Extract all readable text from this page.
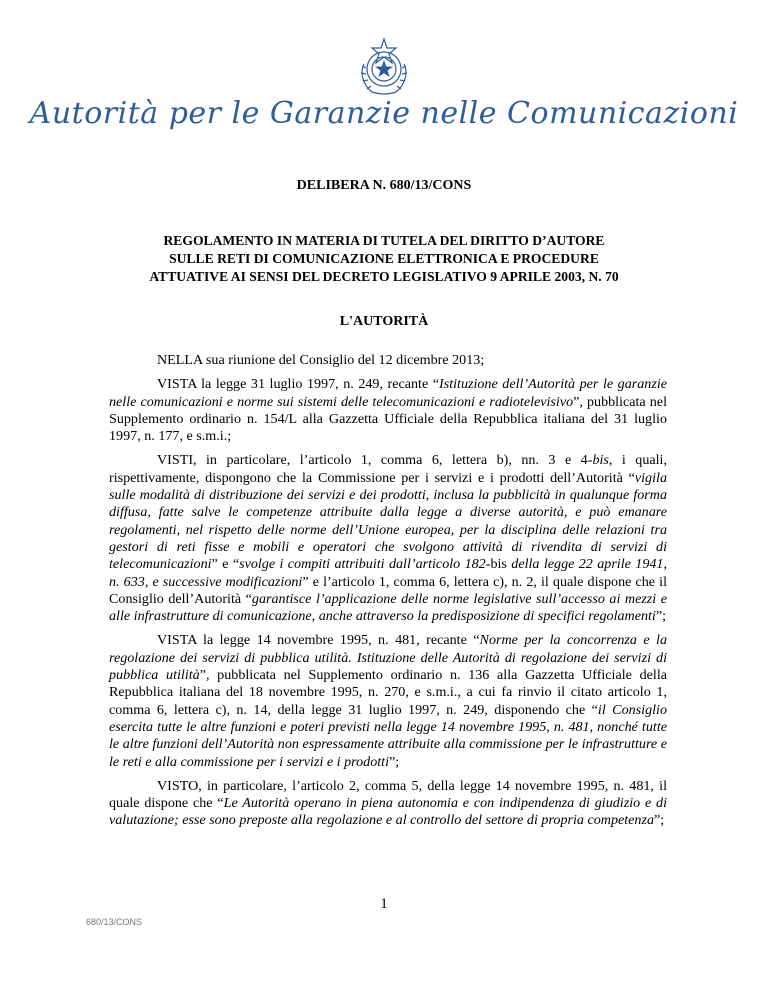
Autorità per le Garanzie nelle Comunicazioni
DELIBERA N. 680/13/CONS
REGOLAMENTO IN MATERIA DI TUTELA DEL DIRITTO D’AUTORE
SULLE RETI DI COMUNICAZIONE ELETTRONICA E PROCEDURE
ATTUATIVE AI SENSI DEL DECRETO LEGISLATIVO 9 APRILE 2003, N. 70
L'AUTORITÀ

NELLA sua riunione del Consiglio del 12 dicembre 2013;

VISTA la legge 31 luglio 1997, n. 249, recante “Istituzione dell’Autorità per le garanzie nelle comunicazioni e norme sui sistemi delle telecomunicazioni e radiotelevisivo”, pubblicata nel Supplemento ordinario n. 154/L alla Gazzetta Ufficiale della Repubblica italiana del 31 luglio 1997, n. 177, e s.m.i.;

VISTI, in particolare, l’articolo 1, comma 6, lettera b), nn. 3 e 4-bis, i quali, rispettivamente, dispongono che la Commissione per i servizi e i prodotti dell’Autorità “vigila sulle modalità di distribuzione dei servizi e dei prodotti, inclusa la pubblicità in qualunque forma diffusa, fatte salve le competenze attribuite dalla legge a diverse autorità, e può emanare regolamenti, nel rispetto delle norme dell’Unione europea, per la disciplina delle relazioni tra gestori di reti fisse e mobili e operatori che svolgono attività di rivendita di servizi di telecomunicazioni” e “svolge i compiti attribuiti dall’articolo 182-bis della legge 22 aprile 1941, n. 633, e successive modificazioni” e l’articolo 1, comma 6, lettera c), n. 2, il quale dispone che il Consiglio dell’Autorità “garantisce l’applicazione delle norme legislative sull’accesso ai mezzi e alle infrastrutture di comunicazione, anche attraverso la predisposizione di specifici regolamenti”;

VISTA la legge 14 novembre 1995, n. 481, recante “Norme per la concorrenza e la regolazione dei servizi di pubblica utilità. Istituzione delle Autorità di regolazione dei servizi di pubblica utilità”, pubblicata nel Supplemento ordinario n. 136 alla Gazzetta Ufficiale della Repubblica italiana del 18 novembre 1995, n. 270, e s.m.i., a cui fa rinvio il citato articolo 1, comma 6, lettera c), n. 14, della legge 31 luglio 1997, n. 249, disponendo che “il Consiglio esercita tutte le altre funzioni e poteri previsti nella legge 14 novembre 1995, n. 481, nonché tutte le altre funzioni dell’Autorità non espressamente attribuite alla commissione per le infrastrutture e le reti e alla commissione per i servizi e i prodotti”;

VISTO, in particolare, l’articolo 2, comma 5, della legge 14 novembre 1995, n. 481, il quale dispone che “Le Autorità operano in piena autonomia e con indipendenza di giudizio e di valutazione; esse sono preposte alla regolazione e al controllo del settore di propria competenza”;

1
680/13/CONS
